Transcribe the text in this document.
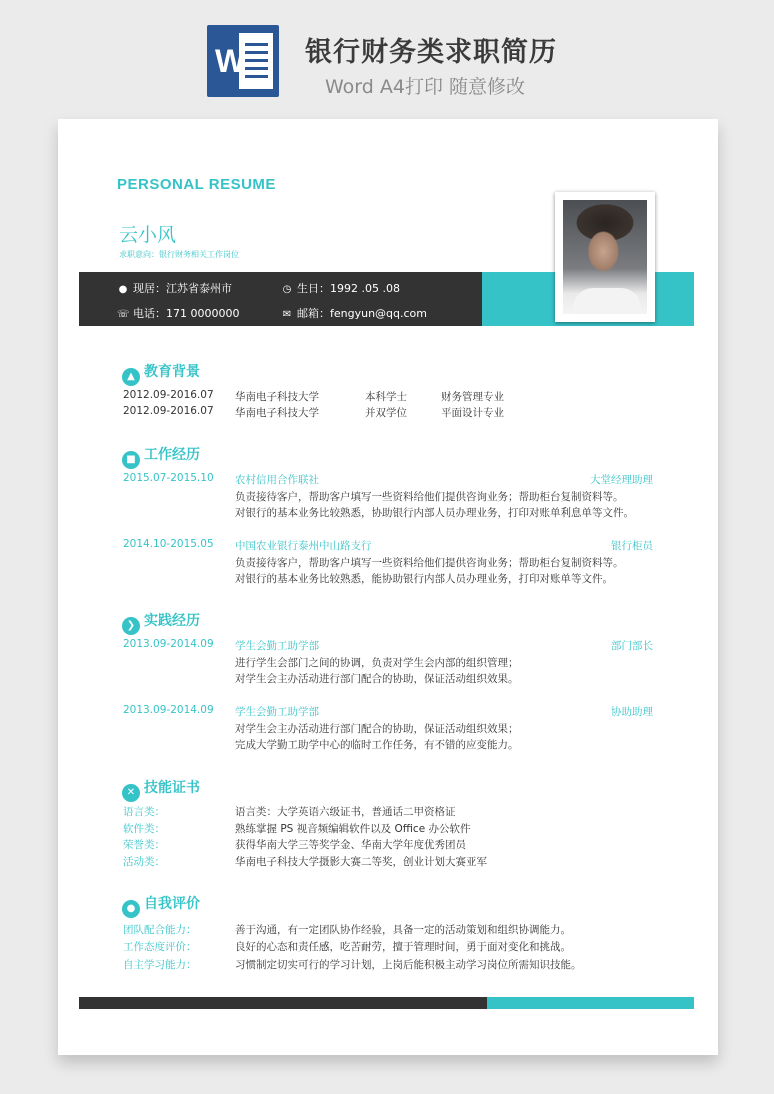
W 银行财务类求职简历
Word A4打印 随意修改
PERSONAL RESUME
云小风
求职意向：银行财务相关工作岗位
● 现居：江苏省泰州市	◷ 生日：1992 .05 .08
☏ 电话：171 0000000	✉ 邮箱：fengyun@qq.com
▲ 教育背景
2012.09-2016.07 华南电子科技大学	本科学士	财务管理专业
2012.09-2016.07 华南电子科技大学	并双学位	平面设计专业
■ 工作经历
2015.07-2015.10 农村信用合作联社	大堂经理助理
负责接待客户，帮助客户填写一些资料给他们提供咨询业务；帮助柜台复制资料等。
对银行的基本业务比较熟悉，协助银行内部人员办理业务，打印对账单利息单等文件。
2014.10-2015.05 中国农业银行泰州中山路支行	银行柜员
负责接待客户，帮助客户填写一些资料给他们提供咨询业务；帮助柜台复制资料等。
对银行的基本业务比较熟悉，能协助银行内部人员办理业务，打印对账单等文件。
❯ 实践经历
2013.09-2014.09 学生会勤工助学部	部门部长
进行学生会部门之间的协调，负责对学生会内部的组织管理；
对学生会主办活动进行部门配合的协助，保证活动组织效果。
2013.09-2014.09 学生会勤工助学部	协助助理
对学生会主办活动进行部门配合的协助，保证活动组织效果；
完成大学勤工助学中心的临时工作任务，有不错的应变能力。
✕ 技能证书
语言类：	语言类：大学英语六级证书，普通话二甲资格证
软件类：	熟练掌握 PS 视音频编辑软件以及 Office 办公软件
荣誉类：	获得华南大学三等奖学金、华南大学年度优秀团员
活动类：	华南电子科技大学摄影大赛二等奖，创业计划大赛亚军
● 自我评价
团队配合能力：	善于沟通，有一定团队协作经验，具备一定的活动策划和组织协调能力。
工作态度评价：	良好的心态和责任感，吃苦耐劳，擅于管理时间，勇于面对变化和挑战。
自主学习能力：	习惯制定切实可行的学习计划，上岗后能积极主动学习岗位所需知识技能。
